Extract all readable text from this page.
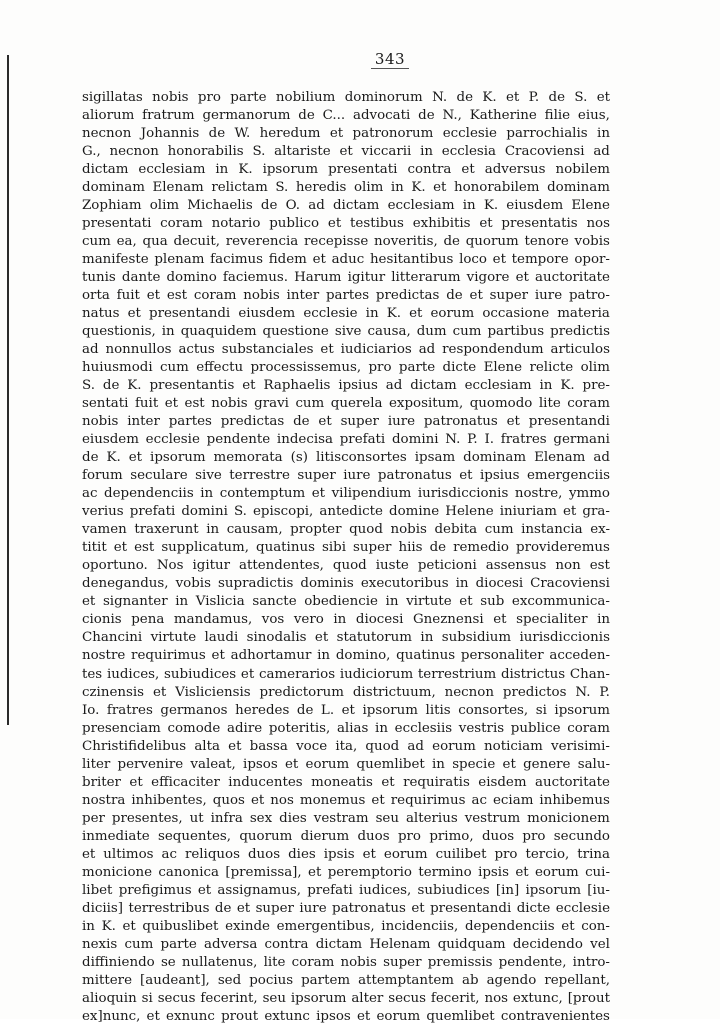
343
sigillatas nobis pro parte nobilium dominorum N. de K. et P. de S. et
aliorum fratrum germanorum de C... advocati de N., Katherine filie eius,
necnon Johannis de W. heredum et patronorum ecclesie parrochialis in
G., necnon honorabilis S. altariste et viccarii in ecclesia Cracoviensi ad
dictam ecclesiam in K. ipsorum presentati contra et adversus nobilem
dominam Elenam relictam S. heredis olim in K. et honorabilem dominam
Zophiam olim Michaelis de O. ad dictam ecclesiam in K. eiusdem Elene
presentati coram notario publico et testibus exhibitis et presentatis nos
cum ea, qua decuit, reverencia recepisse noveritis, de quorum tenore vobis
manifeste plenam facimus fidem et aduc hesitantibus loco et tempore opor-
tunis dante domino faciemus. Harum igitur litterarum vigore et auctoritate
orta fuit et est coram nobis inter partes predictas de et super iure patro-
natus et presentandi eiusdem ecclesie in K. et eorum occasione materia
questionis, in quaquidem questione sive causa, dum cum partibus predictis
ad nonnullos actus substanciales et iudiciarios ad respondendum articulos
huiusmodi cum effectu processissemus, pro parte dicte Elene relicte olim
S. de K. presentantis et Raphaelis ipsius ad dictam ecclesiam in K. pre-
sentati fuit et est nobis gravi cum querela expositum, quomodo lite coram
nobis inter partes predictas de et super iure patronatus et presentandi
eiusdem ecclesie pendente indecisa prefati domini N. P. I. fratres germani
de K. et ipsorum memorata (s) litisconsortes ipsam dominam Elenam ad
forum seculare sive terrestre super iure patronatus et ipsius emergenciis
ac dependenciis in contemptum et vilipendium iurisdiccionis nostre, ymmo
verius prefati domini S. episcopi, antedicte domine Helene iniuriam et gra-
vamen traxerunt in causam, propter quod nobis debita cum instancia ex-
titit et est supplicatum, quatinus sibi super hiis de remedio provideremus
oportuno. Nos igitur attendentes, quod iuste peticioni assensus non est
denegandus, vobis supradictis dominis executoribus in diocesi Cracoviensi
et signanter in Vislicia sancte obediencie in virtute et sub excommunica-
cionis pena mandamus, vos vero in diocesi Gneznensi et specialiter in
Chancini virtute laudi sinodalis et statutorum in subsidium iurisdiccionis
nostre requirimus et adhortamur in domino, quatinus personaliter acceden-
tes iudices, subiudices et camerarios iudiciorum terrestrium districtus Chan-
czinensis et Visliciensis predictorum districtuum, necnon predictos N. P.
Io. fratres germanos heredes de L. et ipsorum litis consortes, si ipsorum
presenciam comode adire poteritis, alias in ecclesiis vestris publice coram
Christifidelibus alta et bassa voce ita, quod ad eorum noticiam verisimi-
liter pervenire valeat, ipsos et eorum quemlibet in specie et genere salu-
briter et efficaciter inducentes moneatis et requiratis eisdem auctoritate
nostra inhibentes, quos et nos monemus et requirimus ac eciam inhibemus
per presentes, ut infra sex dies vestram seu alterius vestrum monicionem
inmediate sequentes, quorum dierum duos pro primo, duos pro secundo
et ultimos ac reliquos duos dies ipsis et eorum cuilibet pro tercio, trina
monicione canonica [premissa], et peremptorio termino ipsis et eorum cui-
libet prefigimus et assignamus, prefati iudices, subiudices [in] ipsorum [iu-
diciis] terrestribus de et super iure patronatus et presentandi dicte ecclesie
in K. et quibuslibet exinde emergentibus, incidenciis, dependenciis et con-
nexis cum parte adversa contra dictam Helenam quidquam decidendo vel
diffiniendo se nullatenus, lite coram nobis super premissis pendente, intro-
mittere [audeant], sed pocius partem attemptantem ab agendo repellant,
alioquin si secus fecerint, seu ipsorum alter secus fecerit, nos extunc, [prout
ex]nunc, et exnunc prout extunc ipsos et eorum quemlibet contravenientes
